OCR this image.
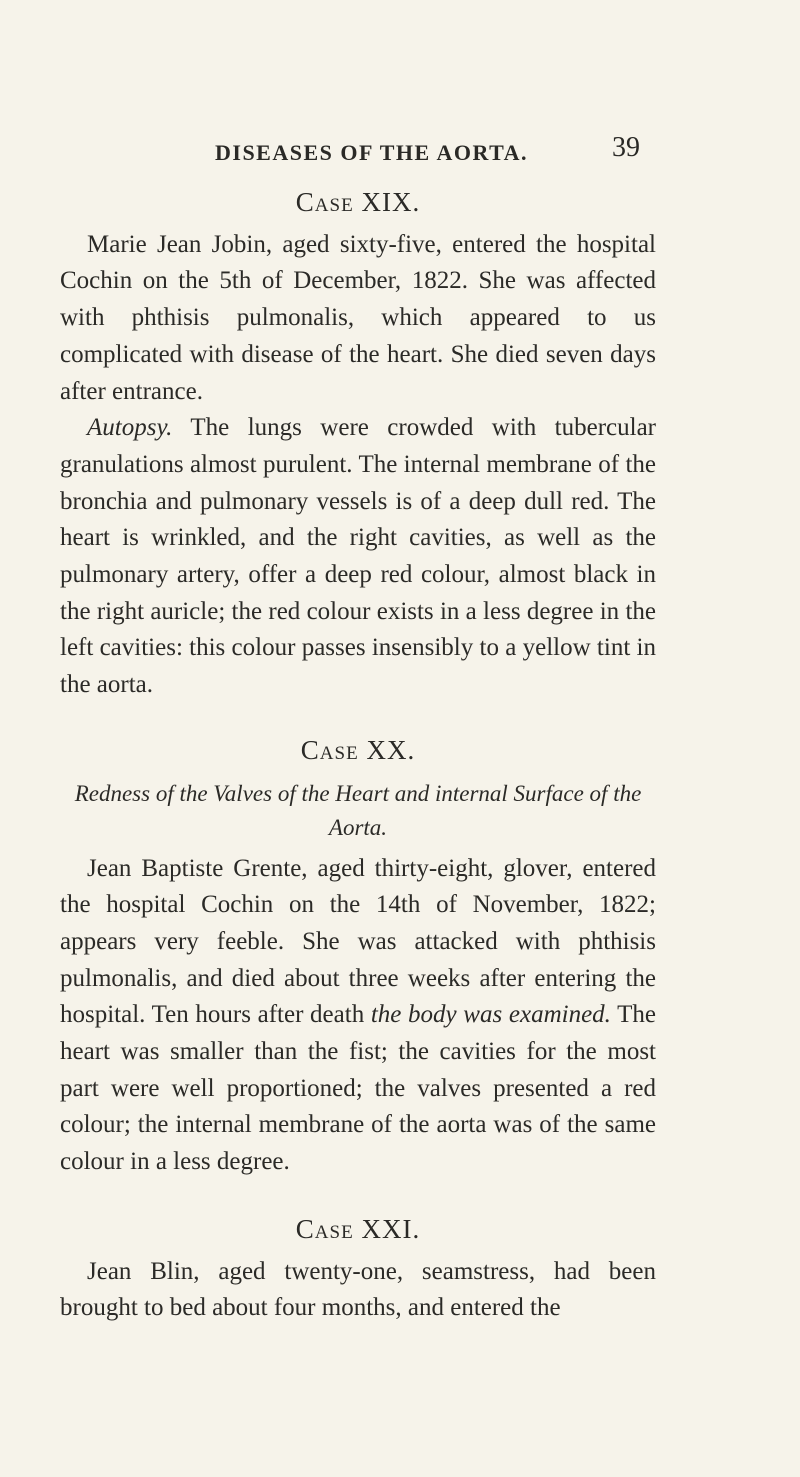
DISEASES OF THE AORTA.	39
Case XIX.

Marie Jean Jobin, aged sixty-five, entered the hospital Cochin on the 5th of December, 1822. She was affected with phthisis pulmonalis, which appeared to us complicated with disease of the heart. She died seven days after entrance.

Autopsy. The lungs were crowded with tubercular granulations almost purulent. The internal membrane of the bronchia and pulmonary vessels is of a deep dull red. The heart is wrinkled, and the right cavities, as well as the pulmonary artery, offer a deep red colour, almost black in the right auricle; the red colour exists in a less degree in the left cavities: this colour passes insensibly to a yellow tint in the aorta.

Case XX.
Redness of the Valves of the Heart and internal Surface of the Aorta.

Jean Baptiste Grente, aged thirty-eight, glover, entered the hospital Cochin on the 14th of November, 1822; appears very feeble. She was attacked with phthisis pulmonalis, and died about three weeks after entering the hospital. Ten hours after death the body was examined. The heart was smaller than the fist; the cavities for the most part were well proportioned; the valves presented a red colour; the internal membrane of the aorta was of the same colour in a less degree.

Case XXI.

Jean Blin, aged twenty-one, seamstress, had been brought to bed about four months, and entered the
